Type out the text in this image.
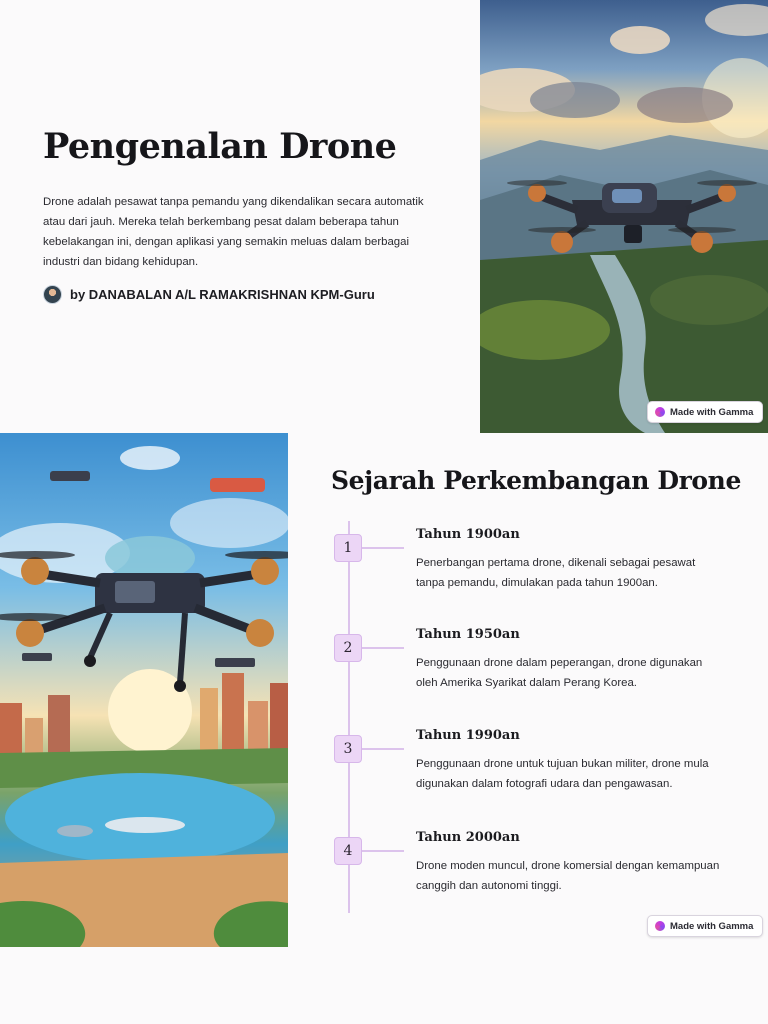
Pengenalan Drone

Drone adalah pesawat tanpa pemandu yang dikendalikan secara automatik atau dari jauh. Mereka telah berkembang pesat dalam beberapa tahun kebelakangan ini, dengan aplikasi yang semakin meluas dalam berbagai industri dan bidang kehidupan.

by DANABALAN A/L RAMAKRISHNAN KPM-Guru
Made with Gamma
Sejarah Perkembangan Drone
1
Tahun 1900an
Penerbangan pertama drone, dikenali sebagai pesawat tanpa pemandu, dimulakan pada tahun 1900an.
2
Tahun 1950an
Penggunaan drone dalam peperangan, drone digunakan oleh Amerika Syarikat dalam Perang Korea.
3
Tahun 1990an
Penggunaan drone untuk tujuan bukan militer, drone mula digunakan dalam fotografi udara dan pengawasan.
4
Tahun 2000an
Drone moden muncul, drone komersial dengan kemampuan canggih dan autonomi tinggi.
Made with Gamma
